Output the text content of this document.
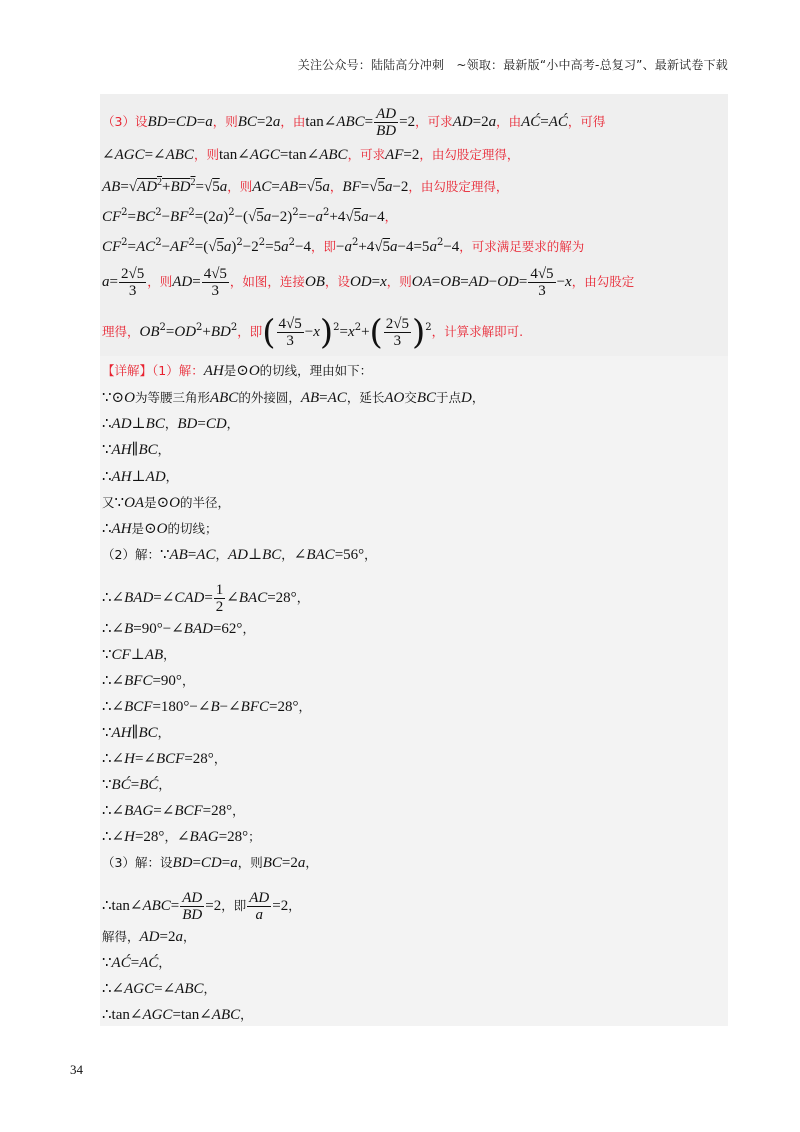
关注公众号：陆陆高分冲刺　~领取：最新版“小中高考-总复习”、最新试卷下载
（3）设BD=CD=a，则BC=2a，由tan∠ABC= $\frac{AD}{BD} =2$，可求AD=2a，由AĆ=AĆ，可得
∠AGC=∠ABC，则tan∠AGC=tan∠ABC，可求AF=2，由勾股定理得，
$AB=√AD^2+BD^2=√5a$，则AC=AB=√5a，BF=√5a−2，由勾股定理得，
$CF^2=BC^2-BF^2=(2a)^2-(√5a-2)^2=-a^2+4√5a-4$，
$CF^2=AC^2-AF^2=(√5a)^2-2^2=5a^2-4$，即$-a^2+4√5a-4=5a^2-4$，可求满足要求的解为
$a= \frac{2√5}{3}$ ，则$AD= \frac{4√5}{3}$ ，如图，连接OB，设OD=x，则$OA=OB=AD-OD= \frac{4√5}{3} -x$，由勾股定
理得，$OB^2=OD^2+BD^2$，即( $\frac{4√5}{3} -x)^2=x^2+( \frac{2√5}{3} )^2$，计算求解即可.
【详解】（1）解：AH是⊙O的切线，理由如下：
∵⊙O为等腰三角形ABC的外接圆，AB=AC，延长AO交BC于点D，
∴AD⊥BC，BD=CD，
∵AH∥BC，
∴AH⊥AD，
又∵OA是⊙O的半径，
∴AH是⊙O的切线；
（2）解：∵AB=AC，AD⊥BC，∠BAC=56°，
∴∠BAD=∠CAD= $\frac{1}{2}$ ∠BAC=28°，
∴∠B=90°−∠BAD=62°，
∵CF⊥AB，
∴∠BFC=90°，
∴∠BCF=180°−∠B−∠BFC=28°，
∵AH∥BC，
∴∠H=∠BCF=28°，
∵BĆ=BĆ，
∴∠BAG=∠BCF=28°，
∴∠H=28°，∠BAG=28°；
（3）解：设BD=CD=a，则BC=2a，
∴tan∠ABC= $\frac{AD}{BD} =2$，即 $\frac{AD}{a} =2$，
解得，AD=2a，
∵AĆ=AĆ，
∴∠AGC=∠ABC，
∴tan∠AGC=tan∠ABC，
34
